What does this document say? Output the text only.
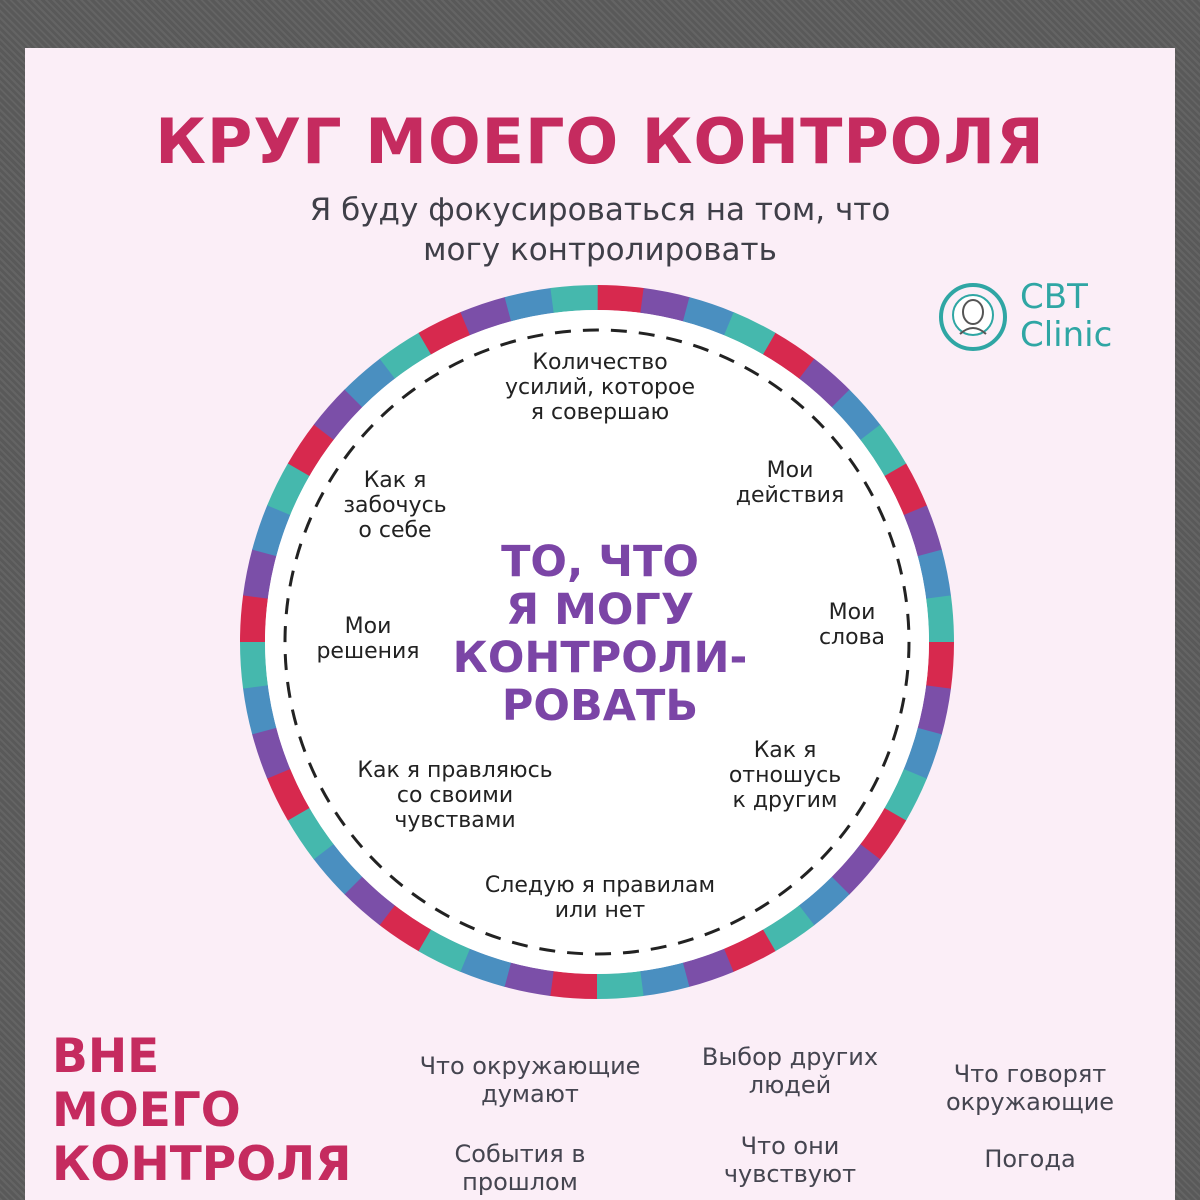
КРУГ МОЕГО КОНТРОЛЯ
Я буду фокусироваться на том, что
могу контролировать
CBT
Clinic
Количество
усилий, которое
я совершаю
Как я
забочусь
о себе
Мои
действия
Мои
решения
Мои
слова
Как я правляюсь
со своими
чувствами
Как я
отношусь
к другим
Следую я правилам
или нет
ТО, ЧТО
Я МОГУ
КОНТРОЛИ-
РОВАТЬ
ВНЕ
МОЕГО
КОНТРОЛЯ
Что окружающие
думают
Выбор других
людей	Что говорят
окружающие
События в
прошлом
Что они
чувствуют
Погода
